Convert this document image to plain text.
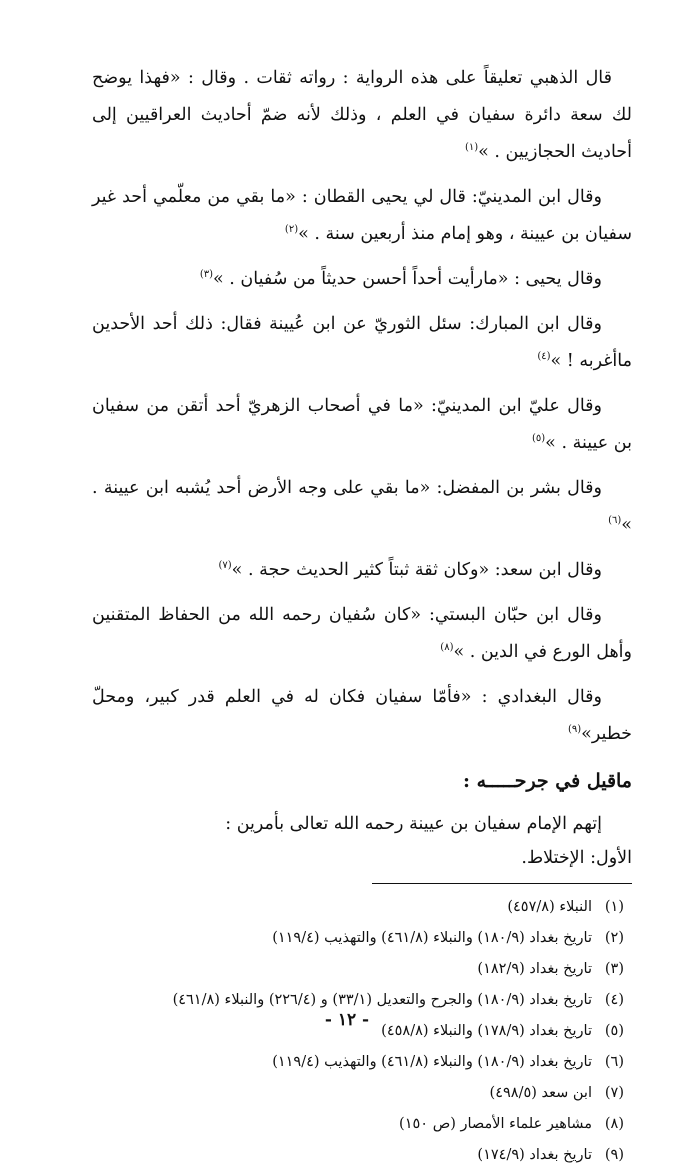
قال الذهبي تعليقاً على هذه الرواية : رواته ثقات . وقال : «فهذا يوضح لك سعة دائرة سفيان في العلم ، وذلك لأنه ضمّ أحاديث العراقيين إلى أحاديث الحجازيين . »$^{(١)}$

وقال ابن المدينيّ: قال لي يحيى القطان : «ما بقي من معلّمي أحد غير سفيان بن عيينة ، وهو إمام منذ أربعين سنة . »$^{(٢)}$

وقال يحيى : «مارأيت أحداً أحسن حديثاً من سُفيان . »$^{(٣)}$

وقال ابن المبارك: سئل الثوريّ عن ابن عُيينة فقال: ذلك أحد الأحدين ماأغربه ! »$^{(٤)}$

وقال عليّ ابن المدينيّ: «ما في أصحاب الزهريّ أحد أتقن من سفيان بن عيينة . »$^{(٥)}$

وقال بشر بن المفضل: «ما بقي على وجه الأرض أحد يُشبه ابن عيينة . »$^{(٦)}$

وقال ابن سعد: «وكان ثقة ثبتاً كثير الحديث حجة . »$^{(٧)}$

وقال ابن حبّان البستي: «كان سُفيان رحمه الله من الحفاظ المتقنين وأهل الورع في الدين . »$^{(٨)}$

وقال البغدادي : «فأمّا سفيان فكان له في العلم قدر كبير، ومحلّ خطير»$^{(٩)}$

ماقيل في جرحـــــه :

إتهم الإمام سفيان بن عيينة رحمه الله تعالى بأمرين :

الأول: الإختلاط.

(١)النبلاء (٤٥٧/٨)
(٢)تاريخ بغداد (١٨٠/٩) والنبلاء (٤٦١/٨) والتهذيب (١١٩/٤)
(٣)تاريخ بغداد (١٨٢/٩)
(٤)تاريخ بغداد (١٨٠/٩) والجرح والتعديل (٣٣/١) و (٢٢٦/٤) والنبلاء (٤٦١/٨)
(٥)تاريخ بغداد (١٧٨/٩) والنبلاء (٤٥٨/٨)
(٦)تاريخ بغداد (١٨٠/٩) والنبلاء (٤٦١/٨) والتهذيب (١١٩/٤)
(٧)ابن سعد (٤٩٨/٥)
(٨)مشاهير علماء الأمصار (ص ١٥٠)
(٩)تاريخ بغداد (١٧٤/٩)
- ١٢ -
